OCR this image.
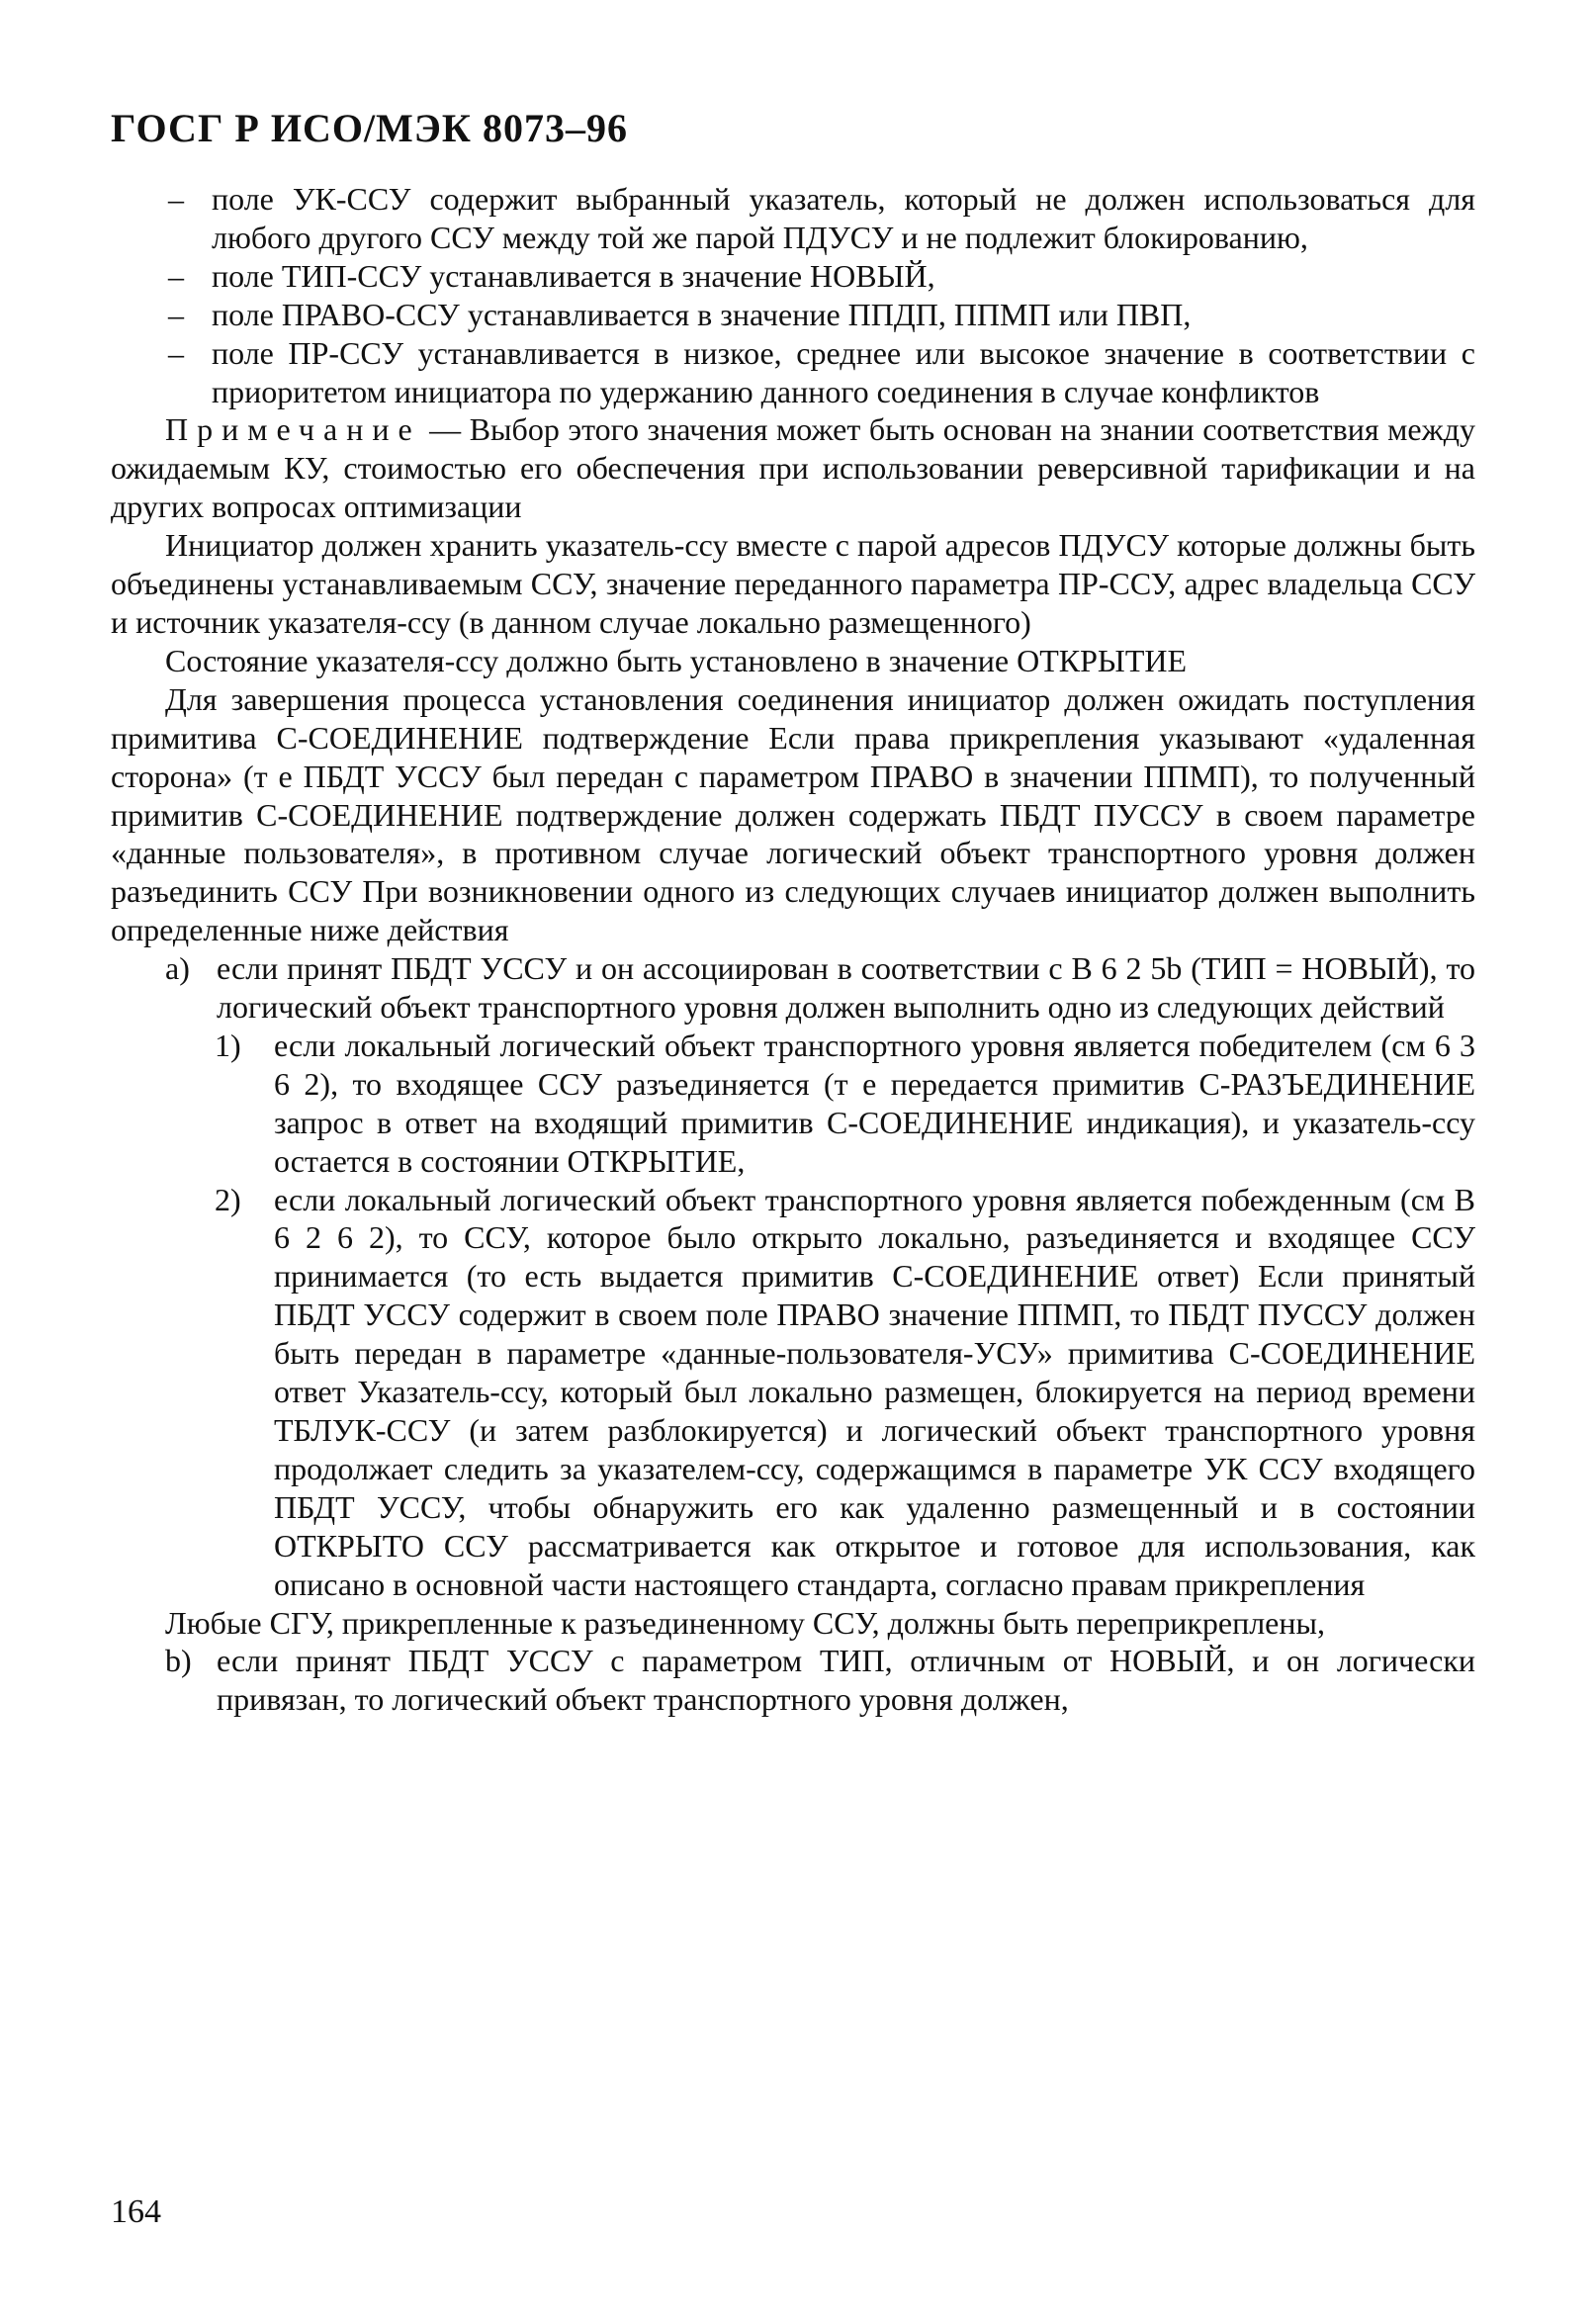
ГОСГ Р ИСО/МЭК 8073–96

– поле УК-ССУ содержит выбранный указатель, который не должен использоваться для любого другого ССУ между той же парой ПДУСУ и не подлежит блокированию,

– поле ТИП-ССУ устанавливается в значение НОВЫЙ,

– поле ПРАВО-ССУ устанавливается в значение ППДП, ППМП или ПВП,

– поле ПР-ССУ устанавливается в низкое, среднее или высокое значение в соответствии с приоритетом инициатора по удержанию данного соединения в случае конфликтов

Примечание — Выбор этого значения может быть основан на знании соответствия между ожидаемым КУ, стоимостью его обеспечения при использовании реверсивной тарификации и на других вопросах оптимизации

Инициатор должен хранить указатель-ссу вместе с парой адресов ПДУСУ которые должны быть объединены устанавливаемым ССУ, значение переданного параметра ПР-ССУ, адрес владельца ССУ и источник указателя-ссу (в данном случае локально размещенного)

Состояние указателя-ссу должно быть установлено в значение ОТКРЫТИЕ

Для завершения процесса установления соединения инициатор должен ожидать поступления примитива С-СОЕДИНЕНИЕ подтверждение Если права прикрепления указывают «удаленная сторона» (т е ПБДТ УССУ был передан с параметром ПРАВО в значении ППМП), то полученный примитив С-СОЕДИНЕНИЕ подтверждение должен содержать ПБДТ ПУССУ в своем параметре «данные пользователя», в противном случае логический объект транспортного уровня должен разъединить ССУ При возникновении одного из следующих случаев инициатор должен выполнить определенные ниже действия

a) если принят ПБДТ УССУ и он ассоциирован в соответствии с В 6 2 5b (ТИП = НОВЫЙ), то логический объект транспортного уровня должен выполнить одно из следующих действий

1) если локальный логический объект транспортного уровня является победителем (см 6 3 6 2), то входящее ССУ разъединяется (т е передается примитив С-РАЗЪЕДИНЕНИЕ запрос в ответ на входящий примитив С-СОЕДИНЕНИЕ индикация), и указатель-ссу остается в состоянии ОТКРЫТИЕ,

2) если локальный логический объект транспортного уровня является побежденным (см В 6 2 6 2), то ССУ, которое было открыто локально, разъединяется и входящее ССУ принимается (то есть выдается примитив С-СОЕДИНЕНИЕ ответ) Если принятый ПБДТ УССУ содержит в своем поле ПРАВО значение ППМП, то ПБДТ ПУССУ должен быть передан в параметре «данные-пользователя-УСУ» примитива С-СОЕДИНЕНИЕ ответ Указатель-ссу, который был локально размещен, блокируется на период времени ТБЛУК-ССУ (и затем разблокируется) и логический объект транспортного уровня продолжает следить за указателем-ссу, содержащимся в параметре УК ССУ входящего ПБДТ УССУ, чтобы обнаружить его как удаленно размещенный и в состоянии ОТКРЫТО ССУ рассматривается как открытое и готовое для использования, как описано в основной части настоящего стандарта, согласно правам прикрепления

Любые СГУ, прикрепленные к разъединенному ССУ, должны быть переприкреплены,

b) если принят ПБДТ УССУ с параметром ТИП, отличным от НОВЫЙ, и он логически привязан, то логический объект транспортного уровня должен,

164
